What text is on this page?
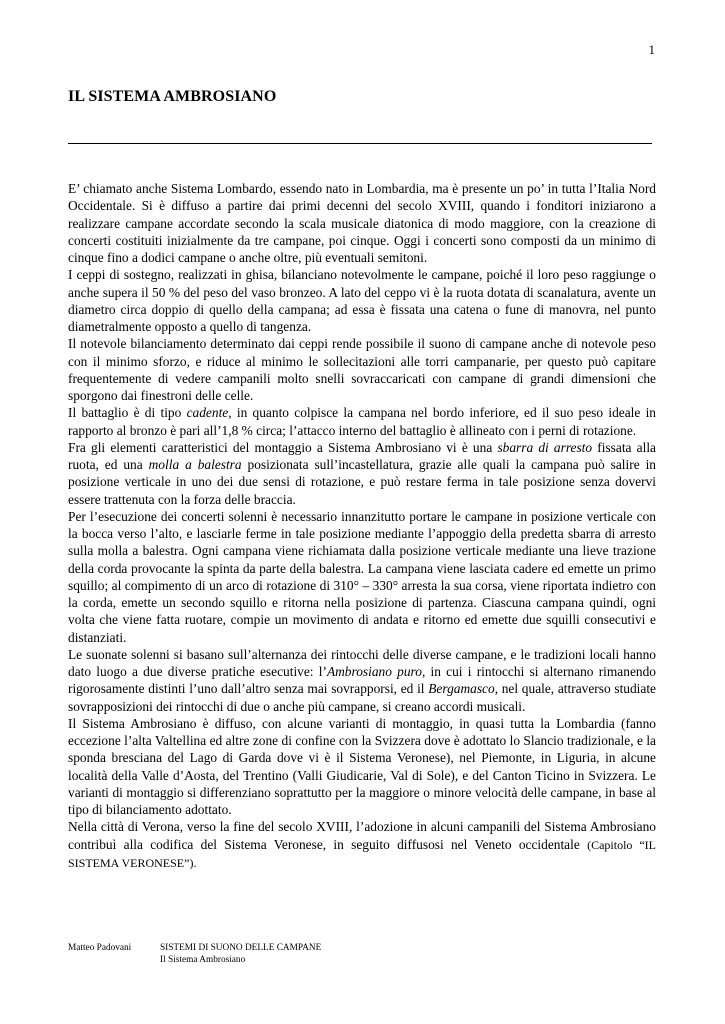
1
IL SISTEMA AMBROSIANO

E’ chiamato anche Sistema Lombardo, essendo nato in Lombardia, ma è presente un po’ in tutta l’Italia Nord Occidentale. Si è diffuso a partire dai primi decenni del secolo XVIII, quando i fonditori iniziarono a realizzare campane accordate secondo la scala musicale diatonica di modo maggiore, con la creazione di concerti costituiti inizialmente da tre campane, poi cinque. Oggi i concerti sono composti da un minimo di cinque fino a dodici campane o anche oltre, più eventuali semitoni.

I ceppi di sostegno, realizzati in ghisa, bilanciano notevolmente le campane, poiché il loro peso raggiunge o anche supera il 50 % del peso del vaso bronzeo. A lato del ceppo vi è la ruota dotata di scanalatura, avente un diametro circa doppio di quello della campana; ad essa è fissata una catena o fune di manovra, nel punto diametralmente opposto a quello di tangenza.

Il notevole bilanciamento determinato dai ceppi rende possibile il suono di campane anche di notevole peso con il minimo sforzo, e riduce al minimo le sollecitazioni alle torri campanarie, per questo può capitare frequentemente di vedere campanili molto snelli sovraccaricati con campane di grandi dimensioni che sporgono dai finestroni delle celle.

Il battaglio è di tipo cadente, in quanto colpisce la campana nel bordo inferiore, ed il suo peso ideale in rapporto al bronzo è pari all’1,8 % circa; l’attacco interno del battaglio è allineato con i perni di rotazione.

Fra gli elementi caratteristici del montaggio a Sistema Ambrosiano vi è una sbarra di arresto fissata alla ruota, ed una molla a balestra posizionata sull’incastellatura, grazie alle quali la campana può salire in posizione verticale in uno dei due sensi di rotazione, e può restare ferma in tale posizione senza dovervi essere trattenuta con la forza delle braccia.

Per l’esecuzione dei concerti solenni è necessario innanzitutto portare le campane in posizione verticale con la bocca verso l’alto, e lasciarle ferme in tale posizione mediante l’appoggio della predetta sbarra di arresto sulla molla a balestra. Ogni campana viene richiamata dalla posizione verticale mediante una lieve trazione della corda provocante la spinta da parte della balestra. La campana viene lasciata cadere ed emette un primo squillo; al compimento di un arco di rotazione di 310° – 330° arresta la sua corsa, viene riportata indietro con la corda, emette un secondo squillo e ritorna nella posizione di partenza. Ciascuna campana quindi, ogni volta che viene fatta ruotare, compie un movimento di andata e ritorno ed emette due squilli consecutivi e distanziati.

Le suonate solenni si basano sull’alternanza dei rintocchi delle diverse campane, e le tradizioni locali hanno dato luogo a due diverse pratiche esecutive: l’Ambrosiano puro, in cui i rintocchi si alternano rimanendo rigorosamente distinti l’uno dall’altro senza mai sovrapporsi, ed il Bergamasco, nel quale, attraverso studiate sovrapposizioni dei rintocchi di due o anche più campane, si creano accordi musicali.

Il Sistema Ambrosiano è diffuso, con alcune varianti di montaggio, in quasi tutta la Lombardia (fanno eccezione l’alta Valtellina ed altre zone di confine con la Svizzera dove è adottato lo Slancio tradizionale, e la sponda bresciana del Lago di Garda dove vi è il Sistema Veronese), nel Piemonte, in Liguria, in alcune località della Valle d’Aosta, del Trentino (Valli Giudicarie, Val di Sole), e del Canton Ticino in Svizzera. Le varianti di montaggio si differenziano soprattutto per la maggiore o minore velocità delle campane, in base al tipo di bilanciamento adottato.

Nella città di Verona, verso la fine del secolo XVIII, l’adozione in alcuni campanili del Sistema Ambrosiano contribuì alla codifica del Sistema Veronese, in seguito diffusosi nel Veneto occidentale (Capitolo “IL SISTEMA VERONESE”).

Matteo Padovani	SISTEMI DI SUONO DELLE CAMPANE
Il Sistema Ambrosiano
